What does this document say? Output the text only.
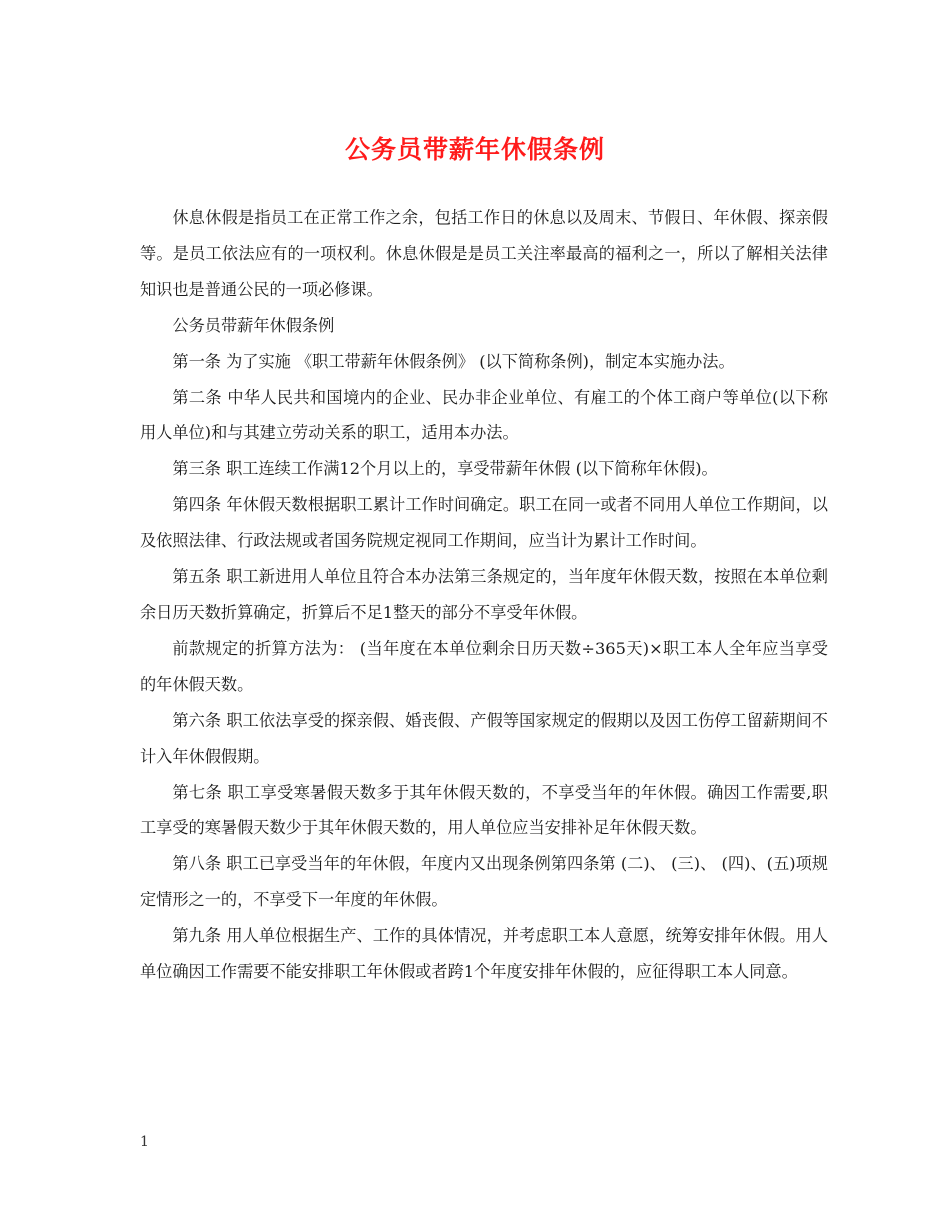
公务员带薪年休假条例

休息休假是指员工在正常工作之余，包括工作日的休息以及周末、节假日、年休假、探亲假等。是员工依法应有的一项权利。休息休假是是员工关注率最高的福利之一，所以了解相关法律知识也是普通公民的一项必修课。

公务员带薪年休假条例

第一条 为了实施 《职工带薪年休假条例》 (以下简称条例)，制定本实施办法。

第二条 中华人民共和国境内的企业、民办非企业单位、有雇工的个体工商户等单位(以下称用人单位)和与其建立劳动关系的职工，适用本办法。

第三条 职工连续工作满12个月以上的，享受带薪年休假 (以下简称年休假)。

第四条 年休假天数根据职工累计工作时间确定。职工在同一或者不同用人单位工作期间，以及依照法律、行政法规或者国务院规定视同工作期间，应当计为累计工作时间。

第五条 职工新进用人单位且符合本办法第三条规定的，当年度年休假天数，按照在本单位剩余日历天数折算确定，折算后不足1整天的部分不享受年休假。

前款规定的折算方法为： (当年度在本单位剩余日历天数÷365天)×职工本人全年应当享受的年休假天数。

第六条 职工依法享受的探亲假、婚丧假、产假等国家规定的假期以及因工伤停工留薪期间不计入年休假假期。

第七条 职工享受寒暑假天数多于其年休假天数的，不享受当年的年休假。确因工作需要,职工享受的寒暑假天数少于其年休假天数的，用人单位应当安排补足年休假天数。

第八条 职工已享受当年的年休假，年度内又出现条例第四条第 (二)、 (三)、 (四)、(五)项规定情形之一的，不享受下一年度的年休假。

第九条 用人单位根据生产、工作的具体情况，并考虑职工本人意愿，统筹安排年休假。用人单位确因工作需要不能安排职工年休假或者跨1个年度安排年休假的，应征得职工本人同意。

1
